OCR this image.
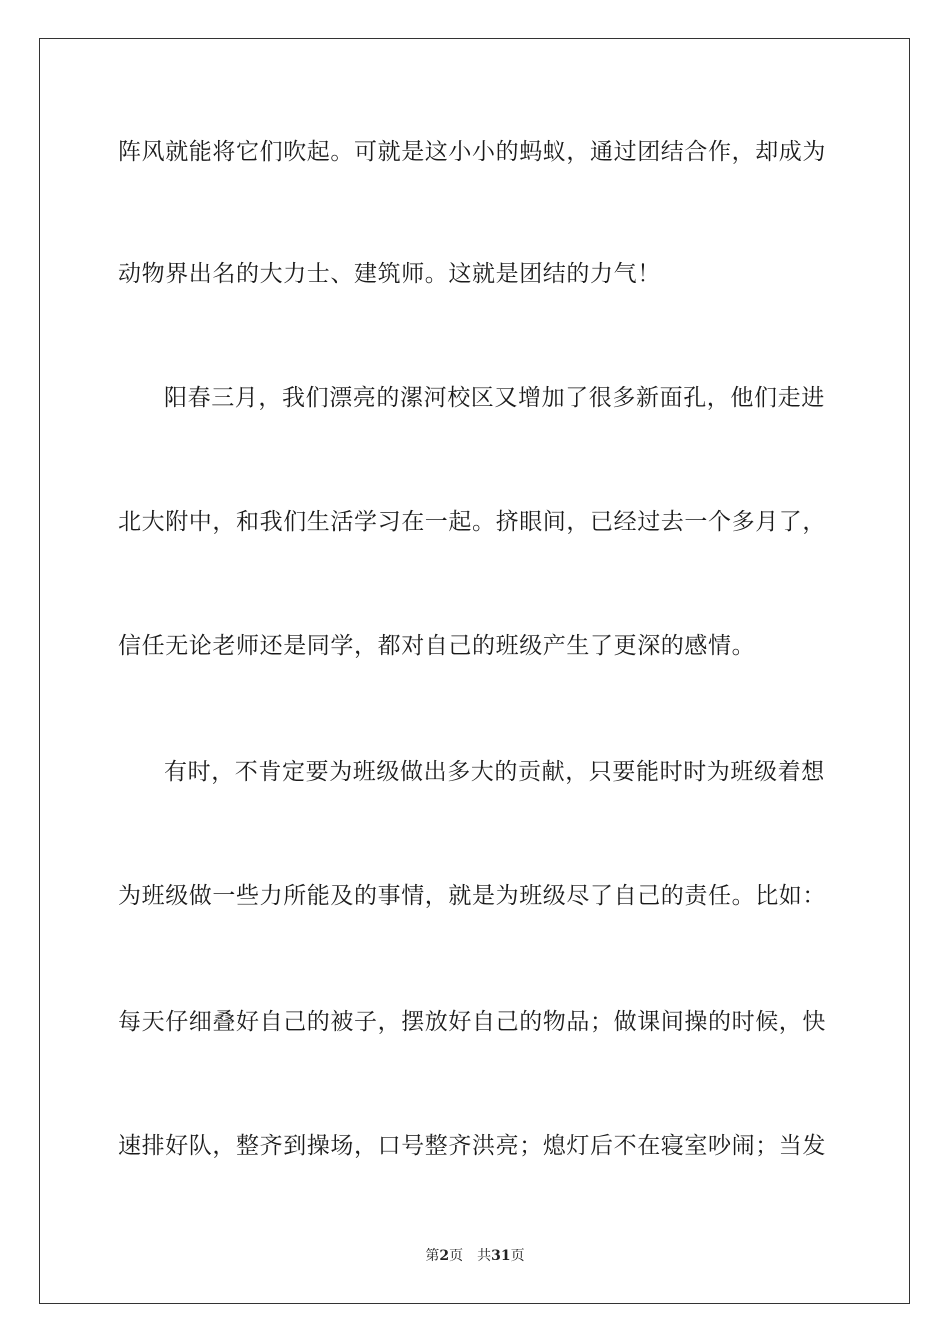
阵风就能将它们吹起。可就是这小小的蚂蚁，通过团结合作，却成为
动物界出名的大力士、建筑师。这就是团结的力气！
阳春三月，我们漂亮的漯河校区又增加了很多新面孔，他们走进
北大附中，和我们生活学习在一起。挤眼间，已经过去一个多月了，
信任无论老师还是同学，都对自己的班级产生了更深的感情。
有时，不肯定要为班级做出多大的贡献，只要能时时为班级着想
为班级做一些力所能及的事情，就是为班级尽了自己的责任。比如：
每天仔细叠好自己的被子，摆放好自己的物品；做课间操的时候，快
速排好队，整齐到操场，口号整齐洪亮；熄灯后不在寝室吵闹；当发
第2页 共31页
